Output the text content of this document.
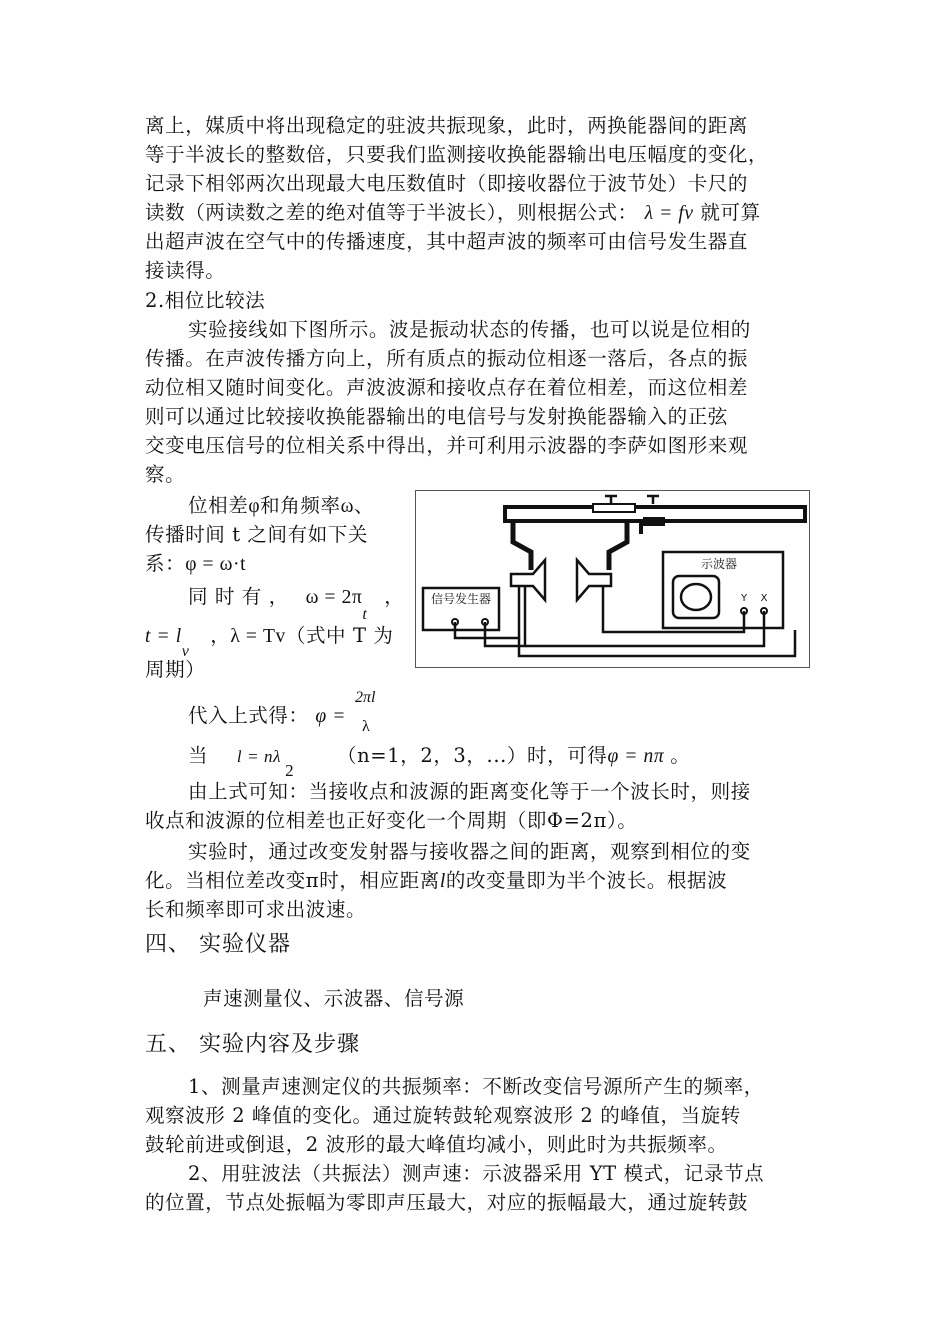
离上，媒质中将出现稳定的驻波共振现象，此时，两换能器间的距离
等于半波长的整数倍，只要我们监测接收换能器输出电压幅度的变化，
记录下相邻两次出现最大电压数值时（即接收器位于波节处）卡尺的
读数（两读数之差的绝对值等于半波长），则根据公式： λ = fv 就可算
出超声波在空气中的传播速度，其中超声波的频率可由信号发生器直
接读得。
2.相位比较法
实验接线如下图所示。波是振动状态的传播，也可以说是位相的
传播。在声波传播方向上，所有质点的振动位相逐一落后，各点的振
动位相又随时间变化。声波波源和接收点存在着位相差，而这位相差
则可以通过比较接收换能器输出的电信号与发射换能器输入的正弦
交变电压信号的位相关系中得出，并可利用示波器的李萨如图形来观
察。
位相差φ和角频率ω、
传播时间 t 之间有如下关
系：φ = ω·t
同 时 有 ， $\omega = 2\pi_t$ ，
$t = l_v$ ，λ = Tv（式中 T 为
周期）
代入上式得： φ =
2πl
λ
当 l = nλ2 （n=1，2，3，...）时，可得φ = nπ 。
由上式可知：当接收点和波源的距离变化等于一个波长时，则接
收点和波源的位相差也正好变化一个周期（即Φ=2π）。
实验时，通过改变发射器与接收器之间的距离，观察到相位的变
化。当相位差改变π时，相应距离l的改变量即为半个波长。根据波
长和频率即可求出波速。
四、 实验仪器
声速测量仪、示波器、信号源
五、 实验内容及步骤
1、测量声速测定仪的共振频率：不断改变信号源所产生的频率，
观察波形 2 峰值的变化。通过旋转鼓轮观察波形 2 的峰值，当旋转
鼓轮前进或倒退，2 波形的最大峰值均减小，则此时为共振频率。
2、用驻波法（共振法）测声速：示波器采用 YT 模式，记录节点
的位置，节点处振幅为零即声压最大，对应的振幅最大，通过旋转鼓
信号发生器
示波器
Y X
